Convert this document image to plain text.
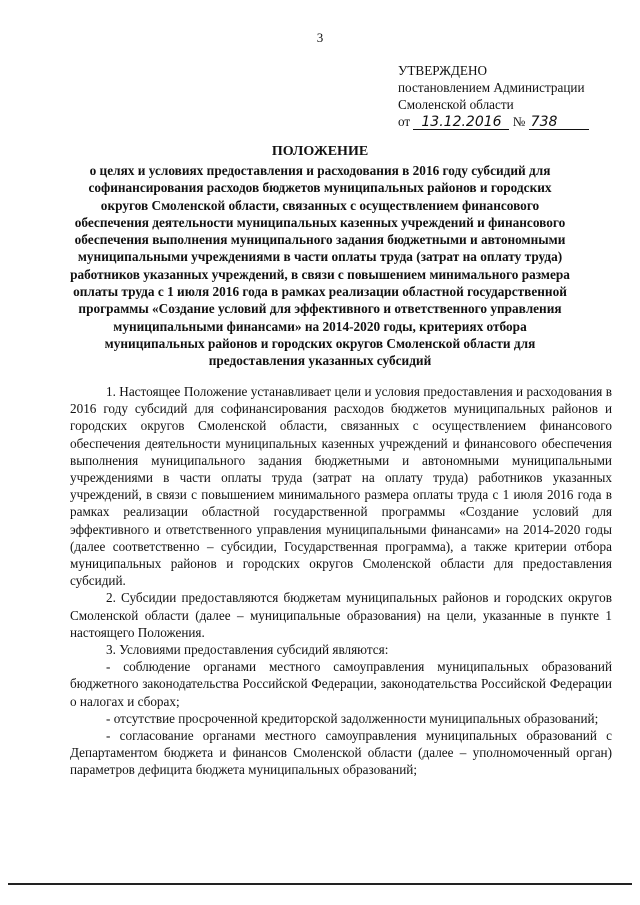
3
УТВЕРЖДЕНО
постановлением Администрации
Смоленской области
от 13.12.2016 № 738
ПОЛОЖЕНИЕ
о целях и условиях предоставления и расходования в 2016 году субсидий для софинансирования расходов бюджетов муниципальных районов и городских округов Смоленской области, связанных с осуществлением финансового обеспечения деятельности муниципальных казенных учреждений и финансового обеспечения выполнения муниципального задания бюджетными и автономными муниципальными учреждениями в части оплаты труда (затрат на оплату труда) работников указанных учреждений, в связи с повышением минимального размера оплаты труда с 1 июля 2016 года в рамках реализации областной государственной программы «Создание условий для эффективного и ответственного управления муниципальными финансами» на 2014-2020 годы, критериях отбора муниципальных районов и городских округов Смоленской области для предоставления указанных субсидий

1. Настоящее Положение устанавливает цели и условия предоставления и расходования в 2016 году субсидий для софинансирования расходов бюджетов муниципальных районов и городских округов Смоленской области, связанных с осуществлением финансового обеспечения деятельности муниципальных казенных учреждений и финансового обеспечения выполнения муниципального задания бюджетными и автономными муниципальными учреждениями в части оплаты труда (затрат на оплату труда) работников указанных учреждений, в связи с повышением минимального размера оплаты труда с 1 июля 2016 года в рамках реализации областной государственной программы «Создание условий для эффективного и ответственного управления муниципальными финансами» на 2014-2020 годы (далее соответственно – субсидии, Государственная программа), а также критерии отбора муниципальных районов и городских округов Смоленской области для предоставления субсидий.

2. Субсидии предоставляются бюджетам муниципальных районов и городских округов Смоленской области (далее – муниципальные образования) на цели, указанные в пункте 1 настоящего Положения.

3. Условиями предоставления субсидий являются:

- соблюдение органами местного самоуправления муниципальных образований бюджетного законодательства Российской Федерации, законодательства Российской Федерации о налогах и сборах;

- отсутствие просроченной кредиторской задолженности муниципальных образований;

- согласование органами местного самоуправления муниципальных образований с Департаментом бюджета и финансов Смоленской области (далее – уполномоченный орган) параметров дефицита бюджета муниципальных образований;
